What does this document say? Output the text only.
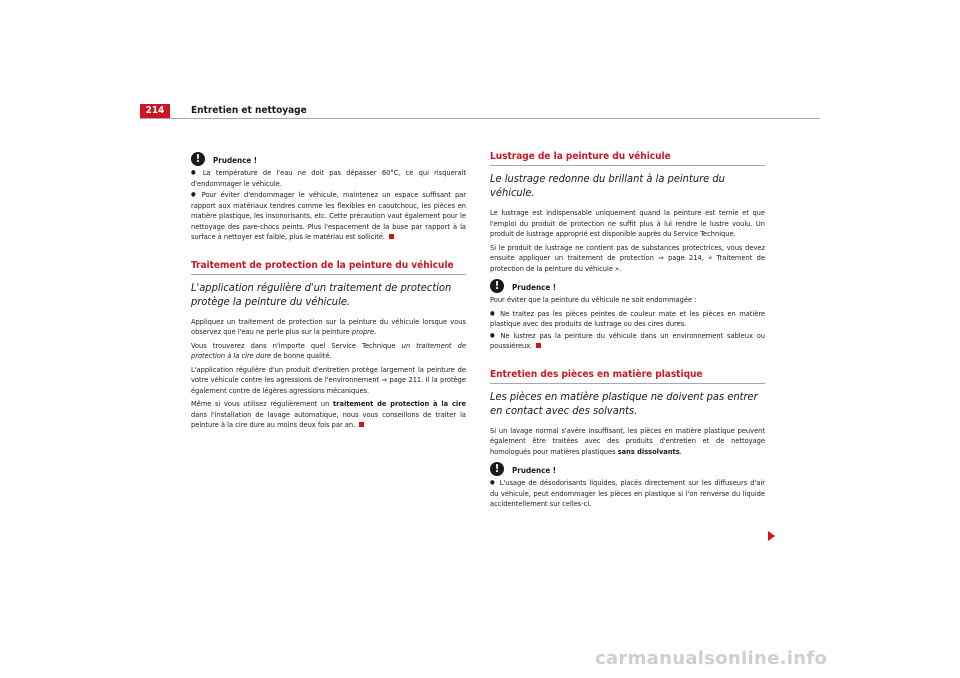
214	Entretien et nettoyage
!	Prudence !
● La température de l'eau ne doit pas dépasser 60°C, ce qui risquerait d'endommager le véhicule.
● Pour éviter d'endommager le véhicule, maintenez un espace suffisant par rapport aux matériaux tendres comme les flexibles en caoutchouc, les pièces en matière plastique, les insonorisants, etc. Cette précaution vaut également pour le nettoyage des pare-chocs peints. Plus l'espacement de la buse par rapport à la surface à nettoyer est faible, plus le matériau est sollicité.
Traitement de protection de la peinture du véhicule
L'application régulière d'un traitement de protection protège la peinture du véhicule.

Appliquez un traitement de protection sur la peinture du véhicule lorsque vous observez que l'eau ne perle plus sur la peinture propre.

Vous trouverez dans n'importe quel Service Technique un traitement de protection à la cire dure de bonne qualité.

L'application régulière d'un produit d'entretien protège largement la peinture de votre véhicule contre les agressions de l'environnement ⇒ page 211. Il la protège également contre de légères agressions mécaniques.

Même si vous utilisez régulièrement un traitement de protection à la cire dans l'installation de lavage automatique, nous vous conseillons de traiter la peinture à la cire dure au moins deux fois par an.

Lustrage de la peinture du véhicule
Le lustrage redonne du brillant à la peinture du véhicule.

Le lustrage est indispensable uniquement quand la peinture est ternie et que l'emploi du produit de protection ne suffit plus à lui rendre le lustre voulu. Un produit de lustrage approprié est disponible auprès du Service Technique.

Si le produit de lustrage ne contient pas de substances protectrices, vous devez ensuite appliquer un traitement de protection ⇒ page 214, « Traitement de protection de la peinture du véhicule ».

!	Prudence !

Pour éviter que la peinture du véhicule ne soit endommagée :

● Ne traitez pas les pièces peintes de couleur mate et les pièces en matière plastique avec des produits de lustrage ou des cires dures.
● Ne lustrez pas la peinture du véhicule dans un environnement sableux ou poussiéreux.
Entretien des pièces en matière plastique
Les pièces en matière plastique ne doivent pas entrer en contact avec des solvants.

Si un lavage normal s'avère insuffisant, les pièces en matière plastique peuvent également être traitées avec des produits d'entretien et de nettoyage homologués pour matières plastiques sans dissolvants.

!	Prudence !
● L'usage de désodorisants liquides, placés directement sur les diffuseurs d'air du véhicule, peut endommager les pièces en plastique si l'on renverse du liquide accidentellement sur celles-ci.
carmanualsonline.info
